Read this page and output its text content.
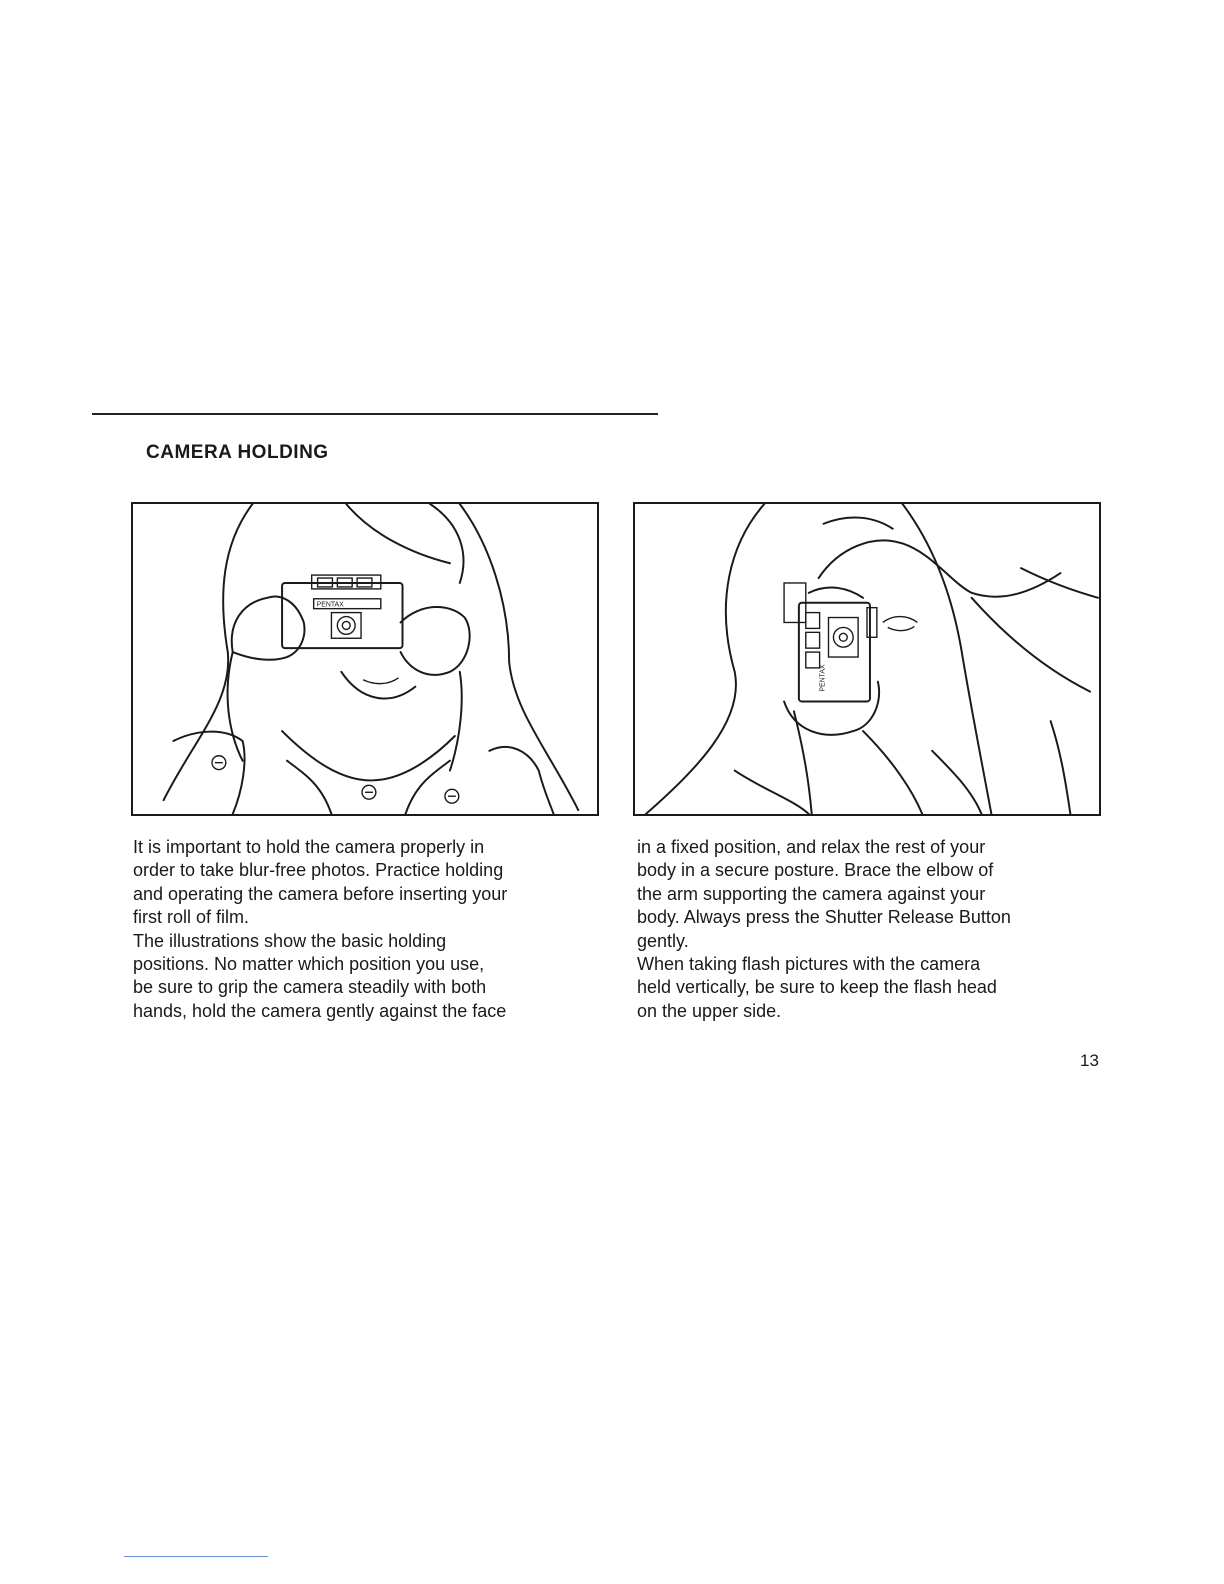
CAMERA HOLDING
PENTAX
PENTAX
It is important to hold the camera properly in
order to take blur-free photos. Practice holding
and operating the camera before inserting your
first roll of film.
The illustrations show the basic holding
positions. No matter which position you use,
be sure to grip the camera steadily with both
hands, hold the camera gently against the face
in a fixed position, and relax the rest of your
body in a secure posture. Brace the elbow of
the arm supporting the camera against your
body. Always press the Shutter Release Button
gently.
When taking flash pictures with the camera
held vertically, be sure to keep the flash head
on the upper side.
13
